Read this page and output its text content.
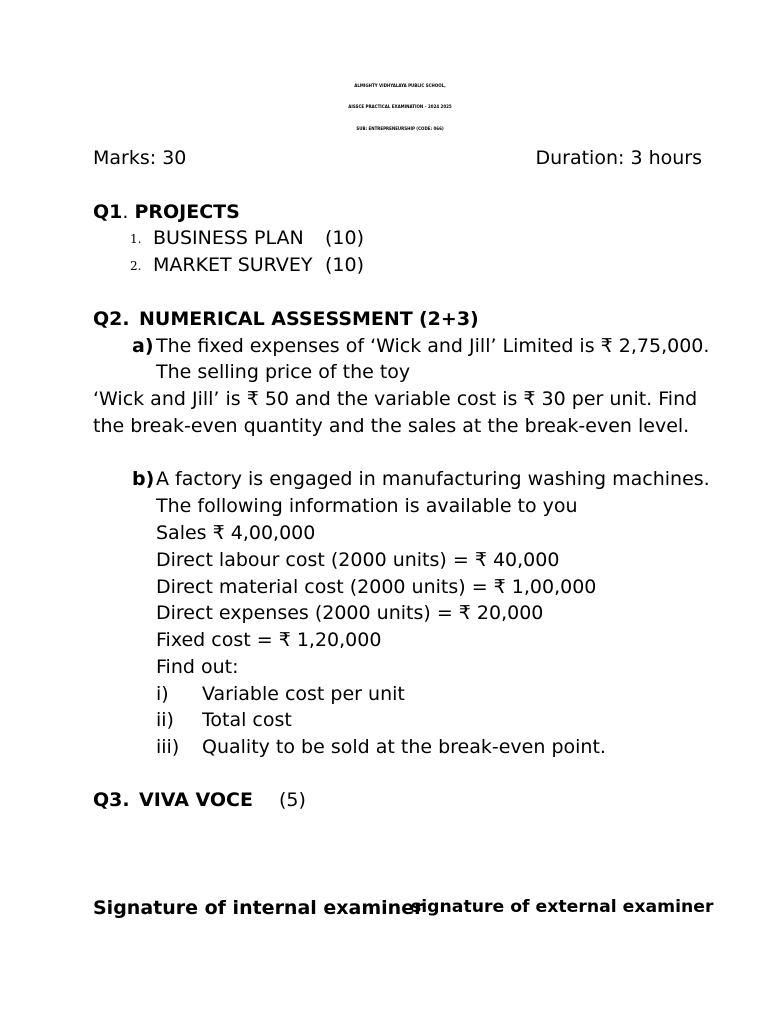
ALMIGHTY VIDHYALAYA PUBLIC SCHOOL,
AISSCE PRACTICAL EXAMINATION – 2024 2025
SUB: ENTREPRENEURSHIP (CODE: 066)
Marks: 30	Duration: 3 hours
Q1. PROJECTS
1. BUSINESS PLAN (10)
2. MARKET SURVEY (10)
Q2. NUMERICAL ASSESSMENT (2+3)
a) The fixed expenses of ‘Wick and Jill’ Limited is ₹ 2,75,000.
The selling price of the toy
‘Wick and Jill’ is ₹ 50 and the variable cost is ₹ 30 per unit. Find
the break-even quantity and the sales at the break-even level.
b) A factory is engaged in manufacturing washing machines.
The following information is available to you
Sales ₹ 4,00,000
Direct labour cost (2000 units) = ₹ 40,000
Direct material cost (2000 units) = ₹ 1,00,000
Direct expenses (2000 units) = ₹ 20,000
Fixed cost = ₹ 1,20,000
Find out:
i) Variable cost per unit
ii) Total cost
iii) Quality to be sold at the break-even point.
Q3. VIVA VOCE (5)
Signature of internal examiner
signature of external examiner
